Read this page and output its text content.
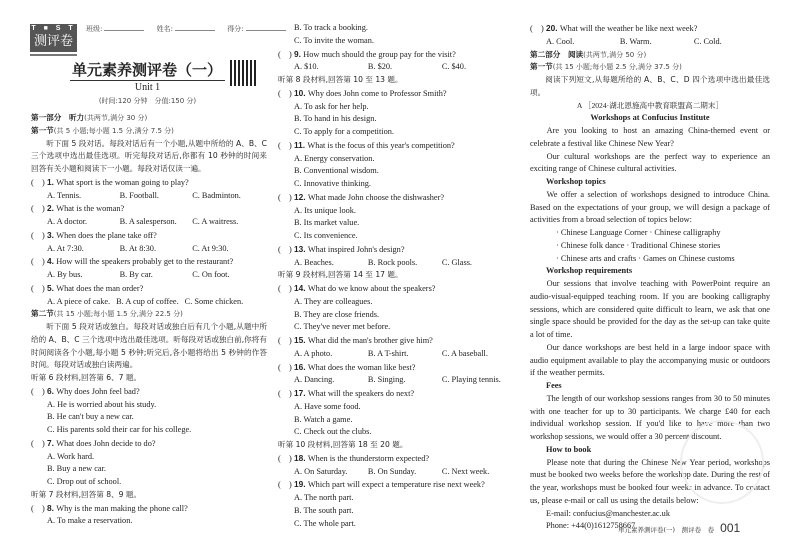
T ■ S T
测评卷
班级:	姓名:	得分:
单元素养测评卷（一）
Unit 1
(时间:120 分钟　分值:150 分)
第一部分　听力(共两节,满分 30 分)
第一节(共 5 小题;每小题 1.5 分,满分 7.5 分)
听下面 5 段对话。每段对话后有一个小题,从题中所给的 A、B、C 三个选项中选出最佳选项。听完每段对话后,你都有 10 秒钟的时间来回答有关小题和阅读下一小题。每段对话仅读一遍。
(　) 1. What sport is the woman going to play?
A. Tennis.	B. Football.	C. Badminton.
(　) 2. What is the woman?
A. A doctor.	B. A salesperson.	C. A waitress.
(　) 3. When does the plane take off?
A. At 7:30.	B. At 8:30.	C. At 9:30.
(　) 4. How will the speakers probably get to the restaurant?
A. By bus.	B. By car.	C. On foot.
(　) 5. What does the man order?
A. A piece of cake. B. A cup of coffee. C. Some chicken.
第二节(共 15 小题;每小题 1.5 分,满分 22.5 分)
听下面 5 段对话或独白。每段对话或独白后有几个小题,从题中所给的 A、B、C 三个选项中选出最佳选项。听每段对话或独白前,你将有时间阅读各个小题,每小题 5 秒钟;听完后,各小题将给出 5 秒钟的作答时间。每段对话或独白读两遍。
听第 6 段材料,回答第 6、7 题。
(　) 6. Why does John feel bad?
A. He is worried about his study.
B. He can't buy a new car.
C. His parents sold their car for his college.
(　) 7. What does John decide to do?
A. Work hard.
B. Buy a new car.
C. Drop out of school.
听第 7 段材料,回答第 8、9 题。
(　) 8. Why is the man making the phone call?
A. To make a reservation.
B. To track a booking.
C. To invite the woman.
(　) 9. How much should the group pay for the visit?
A. $10.	B. $20.	C. $40.
听第 8 段材料,回答第 10 至 13 题。
(　) 10. Why does John come to Professor Smith?
A. To ask for her help.
B. To hand in his design.
C. To apply for a competition.
(　) 11. What is the focus of this year's competition?
A. Energy conservation.
B. Conventional wisdom.
C. Innovative thinking.
(　) 12. What made John choose the dishwasher?
A. Its unique look.
B. Its market value.
C. Its convenience.
(　) 13. What inspired John's design?
A. Beaches.	B. Rock pools.	C. Glass.
听第 9 段材料,回答第 14 至 17 题。
(　) 14. What do we know about the speakers?
A. They are colleagues.
B. They are close friends.
C. They've never met before.
(　) 15. What did the man's brother give him?
A. A photo.	B. A T-shirt.	C. A baseball.
(　) 16. What does the woman like best?
A. Dancing.	B. Singing.	C. Playing tennis.
(　) 17. What will the speakers do next?
A. Have some food.
B. Watch a game.
C. Check out the clubs.
听第 10 段材料,回答第 18 至 20 题。
(　) 18. When is the thunderstorm expected?
A. On Saturday.	B. On Sunday.	C. Next week.
(　) 19. Which part will expect a temperature rise next week?
A. The north part.
B. The south part.
C. The whole part.
(　) 20. What will the weather be like next week?
A. Cool.	B. Warm.	C. Cold.
第二部分　阅读(共两节,满分 50 分)
第一节(共 15 小题;每小题 2.5 分,满分 37.5 分)
阅读下列短文,从每题所给的 A、B、C、D 四个选项中选出最佳选项。
A ［2024·湖北恩施高中教育联盟高二期末］
Workshops at Confucius Institute
Are you looking to host an amazing China-themed event or celebrate a festival like Chinese New Year?
Our cultural workshops are the perfect way to experience an exciting range of Chinese cultural activities.
Workshop topics
We offer a selection of workshops designed to introduce China. Based on the expectations of your group, we will design a package of activities from a broad selection of topics below:
· Chinese Language Corner · Chinese calligraphy
· Chinese folk dance · Traditional Chinese stories
· Chinese arts and crafts · Games on Chinese customs
Workshop requirements
Our sessions that involve teaching with PowerPoint require an audio-visual-equipped teaching room. If you are booking calligraphy sessions, which are considered quite difficult to learn, we ask that one single space should be provided for the day as the set-up can take quite a lot of time.
Our dance workshops are best held in a large indoor space with audio equipment available to play the accompanying music or outdoors if the weather permits.
Fees
The length of our workshop sessions ranges from 30 to 50 minutes with one teacher for up to 30 participants. We charge £40 for each individual workshop session. If you'd like to have more than two workshop sessions, we would offer a 30 percent discount.
How to book
Please note that during the Chinese New Year period, workshops must be booked two weeks before the workshop date. During the rest of the year, workshops must be booked four weeks in advance. To contact us, please e-mail or call us using the details below:
E-mail: confucius@manchester.ac.uk
Phone: +44(0)1612758667
单元素养测评卷(一)　测评卷　卷 001
